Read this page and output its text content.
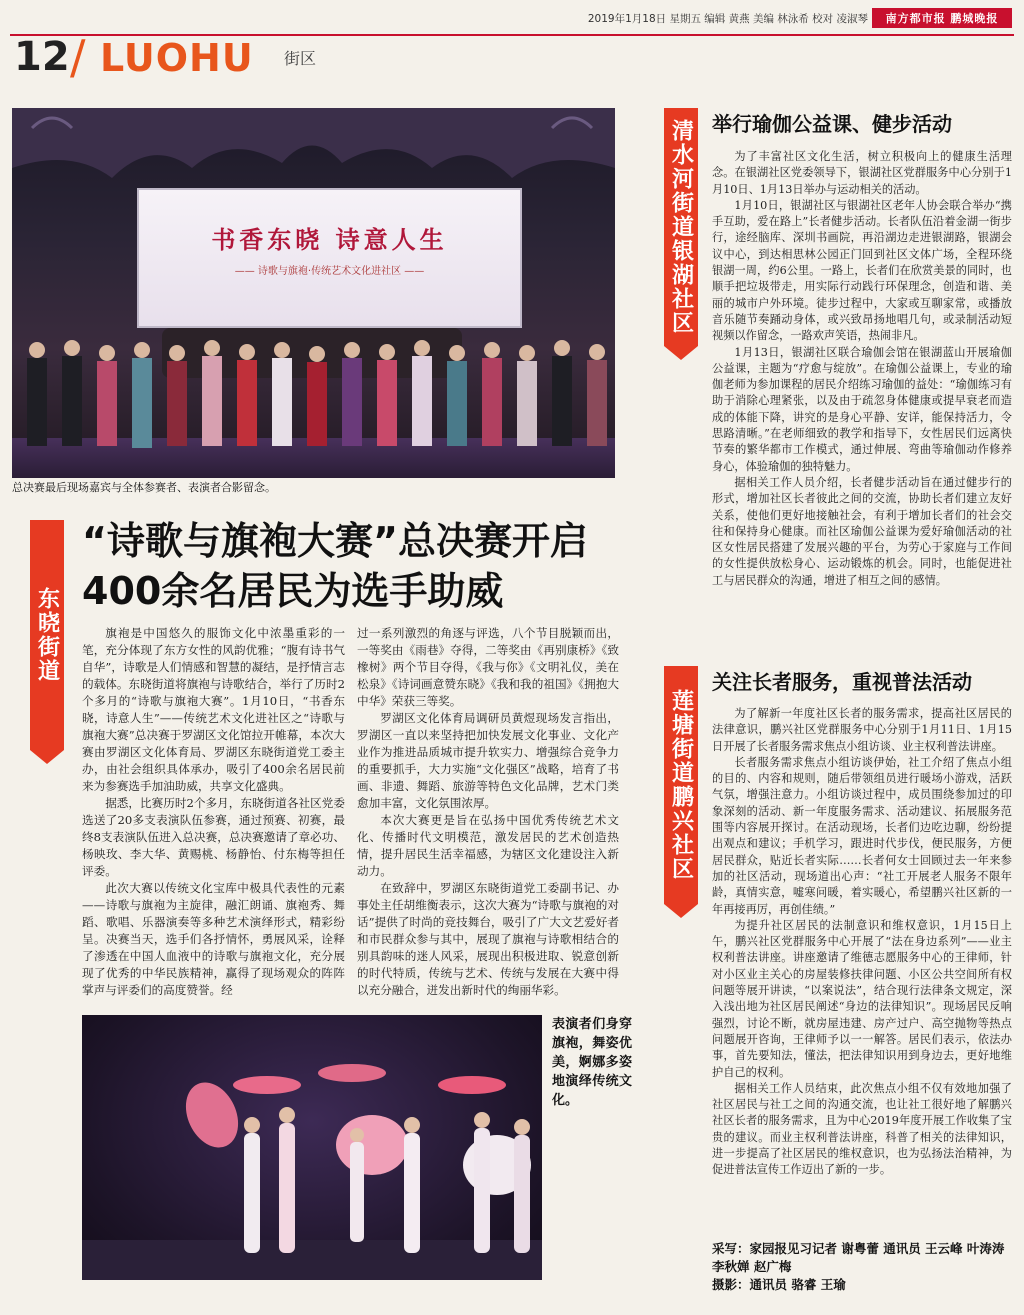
2019年1月18日 星期五 编辑 黄燕 美编 林泳希 校对 凌淑琴	南方都市报 鹏城晚报
12 / LUOHU 街区
书香东晓 诗意人生
—— 诗歌与旗袍·传统艺术文化进社区 ——
总决赛最后现场嘉宾与全体参赛者、表演者合影留念。
东晓街道
“诗歌与旗袍大赛”总决赛开启
400余名居民为选手助威

旗袍是中国悠久的服饰文化中浓墨重彩的一笔，充分体现了东方女性的风韵优雅；“腹有诗书气自华”，诗歌是人们情感和智慧的凝结，是抒情言志的载体。东晓街道将旗袍与诗歌结合，举行了历时2个多月的“诗歌与旗袍大赛”。1月10日，“书香东晓，诗意人生”——传统艺术文化进社区之“诗歌与旗袍大赛”总决赛于罗湖区文化馆拉开帷幕，本次大赛由罗湖区文化体育局、罗湖区东晓街道党工委主办，由社会组织具体承办，吸引了400余名居民前来为参赛选手加油助威，共享文化盛典。

据悉，比赛历时2个多月，东晓街道各社区党委选送了20多支表演队伍参赛，通过预赛、初赛，最终8支表演队伍进入总决赛，总决赛邀请了章必功、杨映玫、李大华、黄赐桃、杨静怡、付东梅等担任评委。

此次大赛以传统文化宝库中极具代表性的元素——诗歌与旗袍为主旋律，融汇朗诵、旗袍秀、舞蹈、歌唱、乐器演奏等多种艺术演绎形式，精彩纷呈。决赛当天，选手们各抒情怀，勇展风采，诠释了渗透在中国人血液中的诗歌与旗袍文化，充分展现了优秀的中华民族精神，赢得了现场观众的阵阵掌声与评委们的高度赞誉。经

过一系列激烈的角逐与评选，八个节目脱颖而出，一等奖由《雨巷》夺得，二等奖由《再别康桥》《致橡树》两个节目夺得，《我与你》《文明礼仪，美在松泉》《诗词画意赞东晓》《我和我的祖国》《拥抱大中华》荣获三等奖。

罗湖区文化体育局调研员黄煜现场发言指出，罗湖区一直以来坚持把加快发展文化事业、文化产业作为推进品质城市提升软实力、增强综合竞争力的重要抓手，大力实施“文化强区”战略，培育了书画、非遗、舞蹈、旅游等特色文化品牌，艺术门类愈加丰富，文化氛围浓厚。

本次大赛更是旨在弘扬中国优秀传统艺术文化、传播时代文明模范，激发居民的艺术创造热情，提升居民生活幸福感，为辖区文化建设注入新动力。

在致辞中，罗湖区东晓街道党工委副书记、办事处主任胡维衡表示，这次大赛为“诗歌与旗袍的对话”提供了时尚的竞技舞台，吸引了广大文艺爱好者和市民群众参与其中，展现了旗袍与诗歌相结合的别具韵味的迷人风采，展现出积极进取、锐意创新的时代特质，传统与艺术、传统与发展在大赛中得以充分融合，迸发出新时代的绚丽华彩。

表演者们身穿旗袍，舞姿优美，婀娜多姿地演绎传统文化。
清水河街道银湖社区 举行瑜伽公益课、健步活动

为了丰富社区文化生活，树立积极向上的健康生活理念。在银湖社区党委领导下，银湖社区党群服务中心分别于1月10日、1月13日举办与运动相关的活动。

1月10日，银湖社区与银湖社区老年人协会联合举办“携手互助，爱在路上”长者健步活动。长者队伍沿着金湖一街步行，途经脑库、深圳书画院，再沿湖边走进银湖路，银湖会议中心，到达相思林公园正门回到社区文体广场，全程环绕银湖一周，约6公里。一路上，长者们在欣赏美景的同时，也顺手把垃圾带走，用实际行动践行环保理念，创造和谐、美丽的城市户外环境。徒步过程中，大家或互聊家常，或播放音乐随节奏踊动身体，或兴致昂扬地唱几句，或录制活动短视频以作留念，一路欢声笑语，热闹非凡。

1月13日，银湖社区联合瑜伽会馆在银湖蓝山开展瑜伽公益课，主题为“疗愈与绽放”。在瑜伽公益课上，专业的瑜伽老师为参加课程的居民介绍练习瑜伽的益处：“瑜伽练习有助于消除心理紧张，以及由于疏忽身体健康或提早衰老而造成的体能下降，讲究的是身心平静、安详，能保持活力，令思路清晰。”在老师细致的教学和指导下，女性居民们远离快节奏的繁华都市工作模式，通过伸展、弯曲等瑜伽动作修养身心，体验瑜伽的独特魅力。

据相关工作人员介绍，长者健步活动旨在通过健步行的形式，增加社区长者彼此之间的交流，协助长者们建立友好关系，使他们更好地接触社会，有利于增加长者们的社会交往和保持身心健康。而社区瑜伽公益课为爱好瑜伽活动的社区女性居民搭建了发展兴趣的平台，为劳心于家庭与工作间的女性提供放松身心、运动锻炼的机会。同时，也能促进社工与居民群众的沟通，增进了相互之间的感情。

莲塘街道鹏兴社区
关注长者服务，重视普法活动

为了解新一年度社区长者的服务需求，提高社区居民的法律意识，鹏兴社区党群服务中心分别于1月11日、1月15日开展了长者服务需求焦点小组访谈、业主权利普法讲座。

长者服务需求焦点小组访谈伊始，社工介绍了焦点小组的目的、内容和规则，随后带领组员进行暖场小游戏，活跃气氛，增强注意力。小组访谈过程中，成员围绕参加过的印象深刻的活动、新一年度服务需求、活动建议、拓展服务范围等内容展开探讨。在活动现场，长者们边吃边聊，纷纷提出观点和建议；手机学习，跟进时代步伐，便民服务，方便居民群众，贴近长者实际……长者何女士回顾过去一年来参加的社区活动，现场道出心声：“社工开展老人服务不限年龄，真情实意，嘘寒问暖，着实暖心，希望鹏兴社区新的一年再接再厉，再创佳绩。”

为提升社区居民的法制意识和维权意识，1月15日上午，鹏兴社区党群服务中心开展了“法在身边系列”——业主权利普法讲座。讲座邀请了维德志愿服务中心的王律师，针对小区业主关心的房屋装修扶律问题、小区公共空间所有权问题等展开讲读，“以案说法”，结合现行法律条文规定，深入浅出地为社区居民阐述“身边的法律知识”。现场居民反响强烈，讨论不断，就房屋违建、房产过户、高空抛物等热点问题展开咨询，王律师予以一一解答。居民们表示，依法办事，首先要知法，懂法，把法律知识用到身边去，更好地维护自己的权利。

据相关工作人员结束，此次焦点小组不仅有效地加强了社区居民与社工之间的沟通交流，也让社工很好地了解鹏兴社区长者的服务需求，且为中心2019年度开展工作收集了宝贵的建议。而业主权利普法讲座，科普了相关的法律知识，进一步提高了社区居民的维权意识，也为弘扬法治精神，为促进普法宣传工作迈出了新的一步。

采写：家园报见习记者 谢粤蕾 通讯员 王云峰 叶涛涛 李秋婵 赵广梅
摄影：通讯员 骆睿 王瑜
